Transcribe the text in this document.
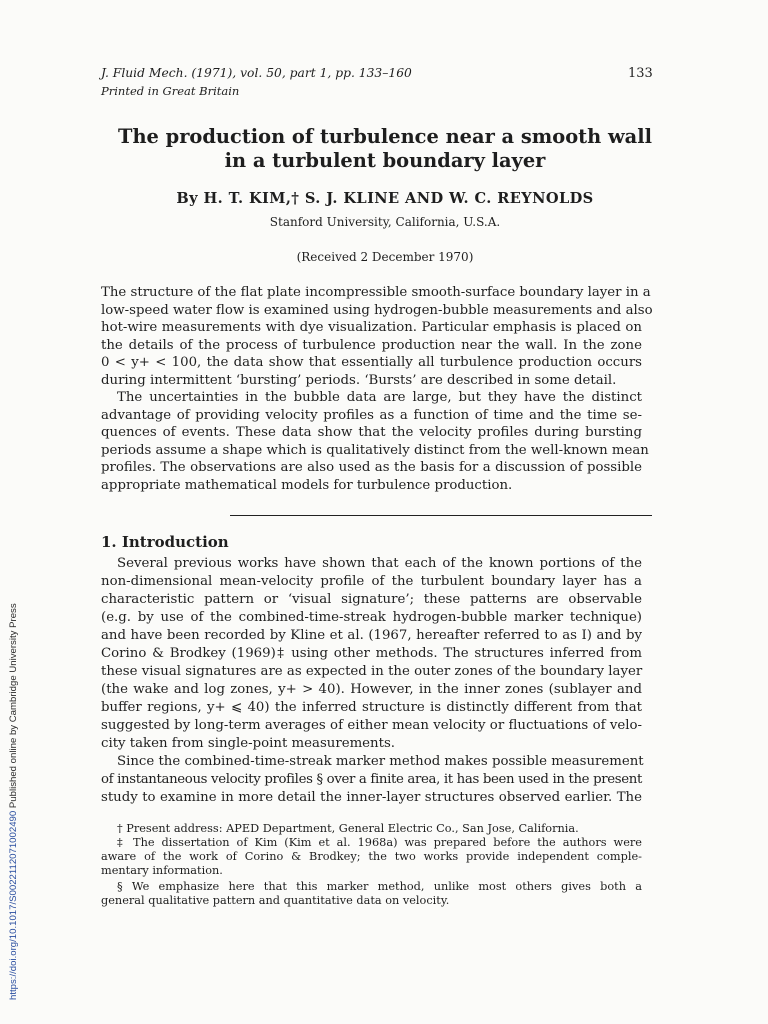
J. Fluid Mech. (1971), vol. 50, part 1, pp. 133–160	133
Printed in Great Britain
The production of turbulence near a smooth wall
in a turbulent boundary layer
By H. T. KIM,† S. J. KLINE AND W. C. REYNOLDS
Stanford University, California, U.S.A.
(Received 2 December 1970)
The structure of the flat plate incompressible smooth-surface boundary layer in a
low-speed water flow is examined using hydrogen-bubble measurements and also
hot-wire measurements with dye visualization. Particular emphasis is placed on
the details of the process of turbulence production near the wall. In the zone
0 < y+ < 100, the data show that essentially all turbulence production occurs
during intermittent ‘bursting’ periods. ‘Bursts’ are described in some detail.
The uncertainties in the bubble data are large, but they have the distinct
advantage of providing velocity profiles as a function of time and the time se-
quences of events. These data show that the velocity profiles during bursting
periods assume a shape which is qualitatively distinct from the well-known mean
profiles. The observations are also used as the basis for a discussion of possible
appropriate mathematical models for turbulence production.
1. Introduction
Several previous works have shown that each of the known portions of the
non-dimensional mean-velocity profile of the turbulent boundary layer has a
characteristic pattern or ‘visual signature’; these patterns are observable
(e.g. by use of the combined-time-streak hydrogen-bubble marker technique)
and have been recorded by Kline et al. (1967, hereafter referred to as I) and by
Corino & Brodkey (1969)‡ using other methods. The structures inferred from
these visual signatures are as expected in the outer zones of the boundary layer
(the wake and log zones, y+ > 40). However, in the inner zones (sublayer and
buffer regions, y+ ⩽ 40) the inferred structure is distinctly different from that
suggested by long-term averages of either mean velocity or fluctuations of velo-
city taken from single-point measurements.
Since the combined-time-streak marker method makes possible measurement
of instantaneous velocity profiles § over a finite area, it has been used in the present
study to examine in more detail the inner-layer structures observed earlier. The
† Present address: APED Department, General Electric Co., San Jose, California.
‡ The dissertation of Kim (Kim et al. 1968a) was prepared before the authors were
aware of the work of Corino & Brodkey; the two works provide independent comple-
mentary information.
§ We emphasize here that this marker method, unlike most others gives both a
general qualitative pattern and quantitative data on velocity.
https://doi.org/10.1017/S0022112071002490 Published online by Cambridge University Press
